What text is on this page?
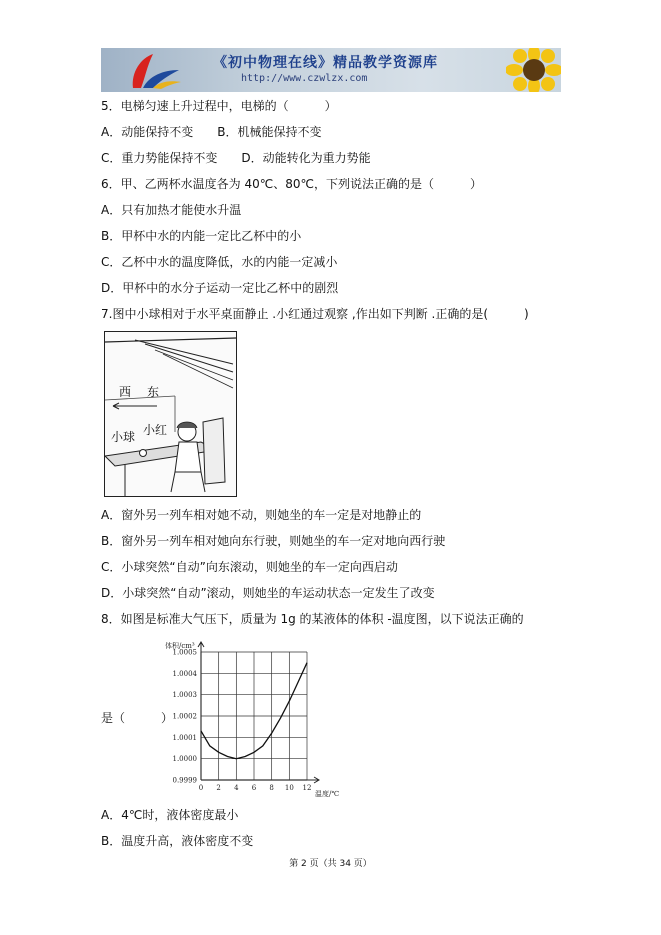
《初中物理在线》精品教学资源库
http://www.czwlzx.com
5．电梯匀速上升过程中，电梯的（　　　）
A．动能保持不变　　B．机械能保持不变
C．重力势能保持不变　　D．动能转化为重力势能
6．甲、乙两杯水温度各为 40℃、80℃，下列说法正确的是（　　　）
A．只有加热才能使水升温
B．甲杯中水的内能一定比乙杯中的小
C．乙杯中水的温度降低，水的内能一定减小
D．甲杯中的水分子运动一定比乙杯中的剧烈
7.图中小球相对于水平桌面静止 .小红通过观察 ,作出如下判断 .正确的是(　　　)
西 东
小球 小红
A．窗外另一列车相对她不动，则她坐的车一定是对地静止的
B．窗外另一列车相对她向东行驶，则她坐的车一定对地向西行驶
C．小球突然“自动”向东滚动，则她坐的车一定向西启动
D．小球突然“自动”滚动，则她坐的车运动状态一定发生了改变
8．如图是标准大气压下，质量为 1g 的某液体的体积 -温度图，以下说法正确的
体积/cm³
温度/℃
0.9999
1.0000
1.0001
1.0002
1.0003
1.0004
1.0005
0 2 4 6 8 10 12
是（　　　）
A．4℃时，液体密度最小
B．温度升高，液体密度不变
第 2 页（共 34 页）
